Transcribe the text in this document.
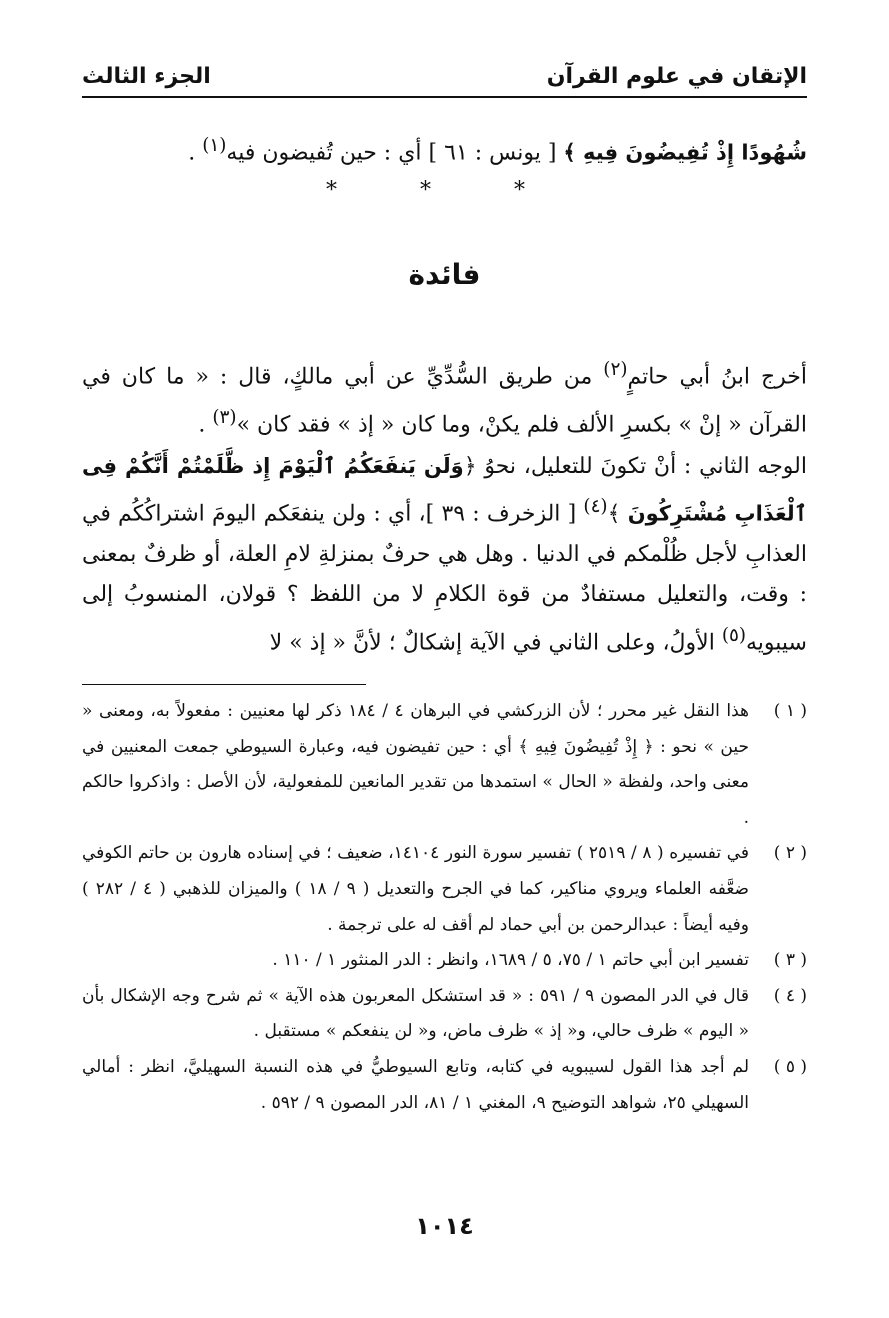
الإتقان في علوم القرآن
الجزء الثالث
شُهُودًا إِذْ تُفِيضُونَ فِيهِ ﴾ [ يونس : ٦١ ] أي : حين تُفيضون فيه$^{(١)}$ .
* * *
فائدة

أخرج ابنُ أبي حاتمٍ$^{(٢)}$ من طريق السُّدِّيِّ عن أبي مالكٍ، قال : « ما كان في القرآن « إنْ » بكسرِ الألف فلم يكنْ، وما كان « إذ » فقد كان »$^{(٣)}$ .

الوجه الثاني : أنْ تكونَ للتعليل، نحوُ ﴿وَلَن يَنفَعَكُمُ ٱلْيَوْمَ إِذ ظَّلَمْتُمْ أَنَّكُمْ فِى ٱلْعَذَابِ مُشْتَرِكُونَ ﴾$^{(٤)}$ [ الزخرف : ٣٩ ]، أي : ولن ينفعَكم اليومَ اشتراكُكُم في العذابِ لأجل ظُلْمكم في الدنيا . وهل هي حرفٌ بمنزلةِ لامِ العلة، أو ظرفٌ بمعنى : وقت، والتعليل مستفادٌ من قوة الكلامِ لا من اللفظ ؟ قولان، المنسوبُ إلى سيبويه$^{(٥)}$ الأولُ، وعلى الثاني في الآية إشكالٌ ؛ لأنَّ « إذ » لا

( ١ )
هذا النقل غير محرر ؛ لأن الزركشي في البرهان ٤ / ١٨٤ ذكر لها معنيين : مفعولاً به، ومعنى « حين » نحو : ﴿ إِذْ تُفِيضُونَ فِيهِ ﴾ أي : حين تفيضون فيه، وعبارة السيوطي جمعت المعنيين في معنى واحد، ولفظة « الحال » استمدها من تقدير المانعين للمفعولية، لأن الأصل : واذكروا حالكم .
( ٢ )
في تفسيره ( ٨ / ٢٥١٩ ) تفسير سورة النور ١٤١٠٤، ضعيف ؛ في إسناده هارون بن حاتم الكوفي ضعَّفه العلماء ويروي مناكير، كما في الجرح والتعديل ( ٩ / ١٨ ) والميزان للذهبي ( ٤ / ٢٨٢ ) وفيه أيضاً : عبدالرحمن بن أبي حماد لم أقف له على ترجمة .
( ٣ )
تفسير ابن أبي حاتم ١ / ٧٥، ٥ / ١٦٨٩، وانظر : الدر المنثور ١ / ١١٠ .
( ٤ )
قال في الدر المصون ٩ / ٥٩١ : « قد استشكل المعربون هذه الآية » ثم شرح وجه الإشكال بأن « اليوم » ظرف حالي، و« إذ » ظرف ماض، و« لن ينفعكم » مستقبل .
( ٥ )
لم أجد هذا القول لسيبويه في كتابه، وتابع السيوطيُّ في هذه النسبة السهيليَّ، انظر : أمالي السهيلي ٢٥، شواهد التوضيح ٩، المغني ١ / ٨١، الدر المصون ٩ / ٥٩٢ .
١٠١٤
